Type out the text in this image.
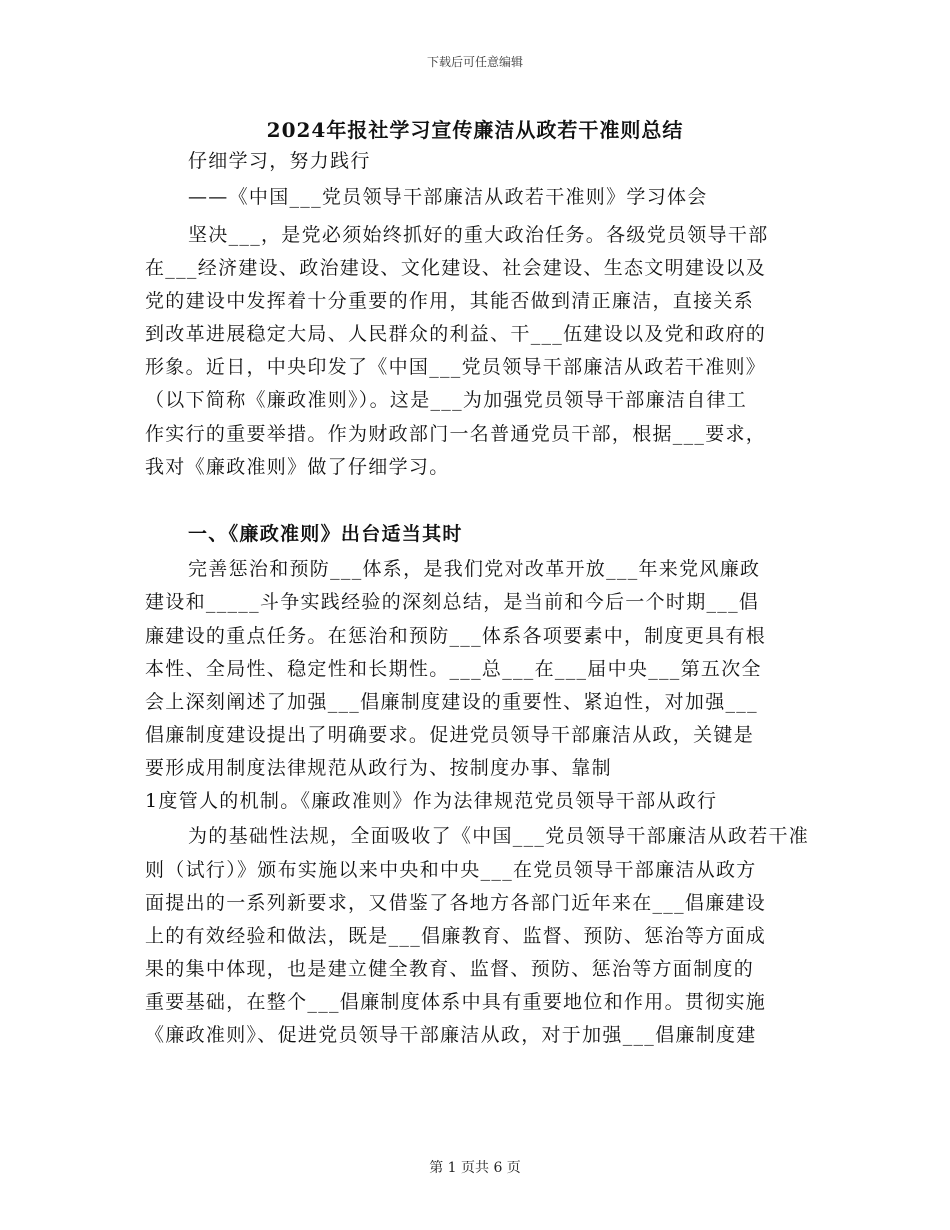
下载后可任意编辑
2024年报社学习宣传廉洁从政若干准则总结
仔细学习，努力践行
——《中国___党员领导干部廉洁从政若干准则》学习体会
坚决___，是党必须始终抓好的重大政治任务。各级党员领导干部
在___经济建设、政治建设、文化建设、社会建设、生态文明建设以及
党的建设中发挥着十分重要的作用，其能否做到清正廉洁，直接关系
到改革进展稳定大局、人民群众的利益、干___伍建设以及党和政府的
形象。近日，中央印发了《中国___党员领导干部廉洁从政若干准则》
（以下简称《廉政准则》）。这是___为加强党员领导干部廉洁自律工
作实行的重要举措。作为财政部门一名普通党员干部，根据___要求，
我对《廉政准则》做了仔细学习。
一、《廉政准则》出台适当其时
完善惩治和预防___体系，是我们党对改革开放___年来党风廉政
建设和_____斗争实践经验的深刻总结，是当前和今后一个时期___倡
廉建设的重点任务。在惩治和预防___体系各项要素中，制度更具有根
本性、全局性、稳定性和长期性。___总___在___届中央___第五次全
会上深刻阐述了加强___倡廉制度建设的重要性、紧迫性，对加强___
倡廉制度建设提出了明确要求。促进党员领导干部廉洁从政，关键是
要形成用制度法律规范从政行为、按制度办事、靠制
1度管人的机制。《廉政准则》作为法律规范党员领导干部从政行
为的基础性法规，全面吸收了《中国___党员领导干部廉洁从政若干准
则（试行）》颁布实施以来中央和中央___在党员领导干部廉洁从政方
面提出的一系列新要求，又借鉴了各地方各部门近年来在___倡廉建设
上的有效经验和做法，既是___倡廉教育、监督、预防、惩治等方面成
果的集中体现，也是建立健全教育、监督、预防、惩治等方面制度的
重要基础，在整个___倡廉制度体系中具有重要地位和作用。贯彻实施
《廉政准则》、促进党员领导干部廉洁从政，对于加强___倡廉制度建
第 1 页共 6 页
